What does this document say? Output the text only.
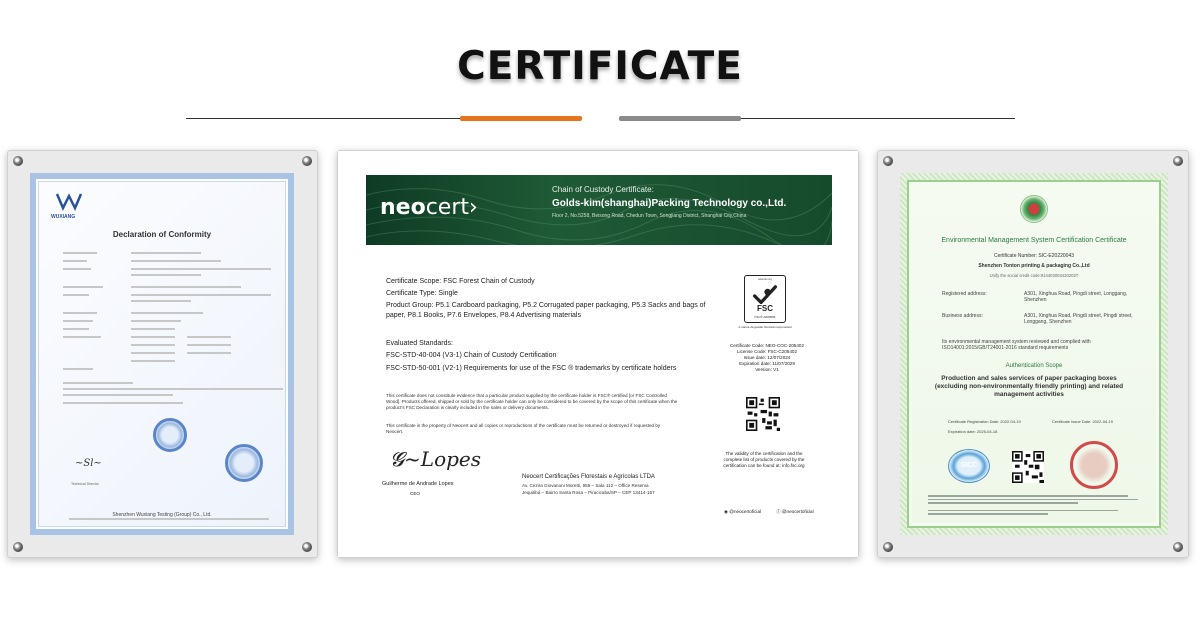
CERTIFICATE
WUXIANG
Declaration of Conformity
~Sl~
Technical Director
Shenzhen Wuxiang Testing (Group) Co., Ltd.
neocert›
Chain of Custody Certificate:
Golds-kim(shanghai)Packing Technology co.,Ltd.
Floor 2, No.5258, Beisong Road, Chedun Town, Songjiang District, Shanghai City,China
Certificate Scope: FSC Forest Chain of Custody
Certificate Type: Single
Product Group: P5.1 Cardboard packaging, P5.2 Corrugated paper packaging, P5.3 Sacks and bags of paper, P8.1 Books, P7.6 Envelopes, P8.4 Advertising materials
Evaluated Standards:
FSC-STD-40-004 (V3-1) Chain of Custody Certification
FSC-STD-50-001 (V2-1) Requirements for use of the FSC ® trademarks by certificate holders
This certificate does not constitute evidence that a particular product supplied by the certificate holder is FSC® certified [or FSC Controlled Wood]. Products offered, shipped or sold by the certificate holder can only be considered to be covered by the scope of this certificate when the product's FSC Declaration is clearly included in the sales or delivery documents.
This certificate is the property of Neocert and all copies or reproductions of the certificate must be returned or destroyed if requested by Neocert.
www.fsc.org
FSC
FSC® A000564
A marca da gestão florestal responsável
Certificate Code: NEO-COC-205402
License Code: FSC-C205402
Issue date: 12/07/2024
Expiration date: 11/07/2029
Version: V1
The validity of the certification and the complete list of products covered by the certification can be found at: info.fsc.org
𝓖~Lopes
Guilherme de Andrade Lopes
CEO
Neocert Certificações Florestais e Agrícolas LTDA
Av. Cezira Giovanoni Moretti, 955 – Sala 112 – Office Reserva
Jequitibá – Bairro Santa Rosa – Piracicaba/SP – CEP 13414-157
◉ @neocertoficial	ⓕ @neocertoficial
Environmental Management System Certification Certificate
Certificate Number: SIC-E20220043
Shenzhen Tonton printing & packaging Co.,Ltd
Unify the social credit code:914403003420202T
Registered address:	A301, Xinghua Road, Pingdi street, Longgang, Shenzhen
Business address:	A301, Xinghua Road, Pingdi street, Pingdi street, Longgang, Shenzhen
Its environmental management system reviewed and complied with ISO14001:2015/GB/T24001-2016 standard requirements
Authentication Scope
Production and sales services of paper packaging boxes (excluding non-environmentally friendly printing) and related management activities
Certificate Registration Date: 2022-04-19	Certificate Issue Date: 2022-04-19
Expiration date: 2025-04-18
SICC
